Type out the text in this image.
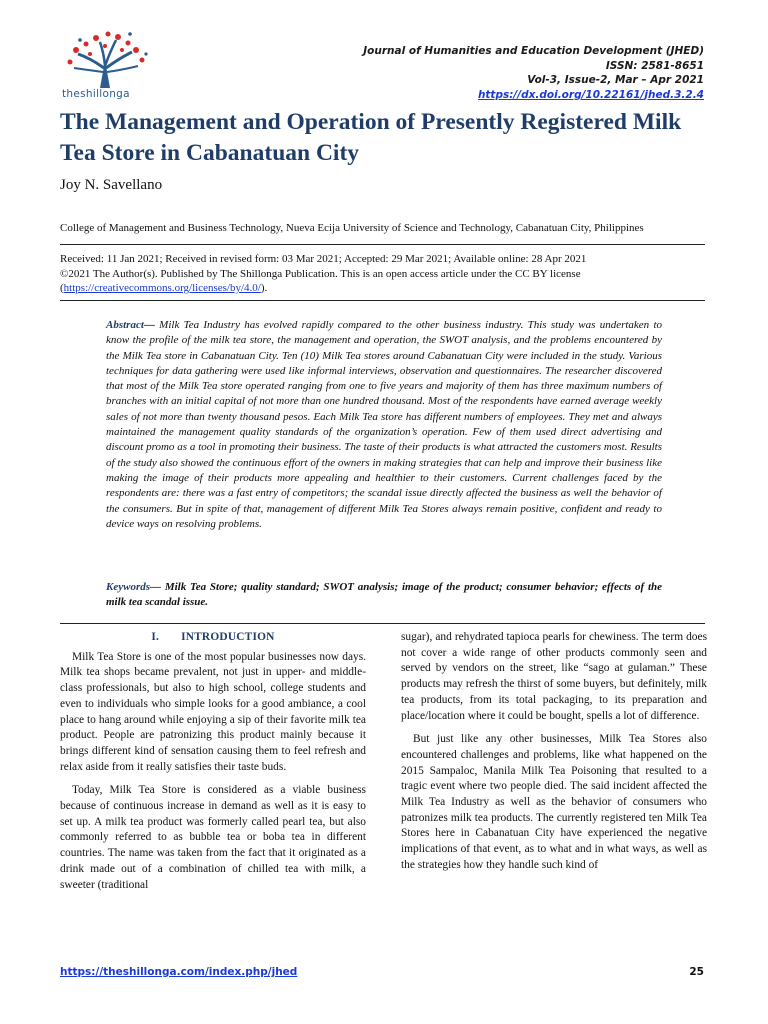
theshillonga
Journal of Humanities and Education Development (JHED)
ISSN: 2581-8651
Vol-3, Issue-2, Mar – Apr 2021
https://dx.doi.org/10.22161/jhed.3.2.4
The Management and Operation of Presently Registered Milk Tea Store in Cabanatuan City
Joy N. Savellano
College of Management and Business Technology, Nueva Ecija University of Science and Technology, Cabanatuan City, Philippines
Received: 11 Jan 2021; Received in revised form: 03 Mar 2021; Accepted: 29 Mar 2021; Available online: 28 Apr 2021
©2021 The Author(s). Published by The Shillonga Publication. This is an open access article under the CC BY license
(https://creativecommons.org/licenses/by/4.0/).
Abstract— Milk Tea Industry has evolved rapidly compared to the other business industry. This study was undertaken to know the profile of the milk tea store, the management and operation, the SWOT analysis, and the problems encountered by the Milk Tea store in Cabanatuan City. Ten (10) Milk Tea stores around Cabanatuan City were included in the study. Various techniques for data gathering were used like informal interviews, observation and questionnaires. The researcher discovered that most of the Milk Tea store operated ranging from one to five years and majority of them has three maximum numbers of branches with an initial capital of not more than one hundred thousand. Most of the respondents have earned average weekly sales of not more than twenty thousand pesos. Each Milk Tea store has different numbers of employees. They met and always maintained the management quality standards of the organization’s operation. Few of them used direct advertising and discount promo as a tool in promoting their business. The taste of their products is what attracted the customers most. Results of the study also showed the continuous effort of the owners in making strategies that can help and improve their business like making the image of their products more appealing and healthier to their customers. Current challenges faced by the respondents are: there was a fast entry of competitors; the scandal issue directly affected the business as well the behavior of the consumers. But in spite of that, management of different Milk Tea Stores always remain positive, confident and ready to device ways on resolving problems.
Keywords— Milk Tea Store; quality standard; SWOT analysis; image of the product; consumer behavior; effects of the milk tea scandal issue.
I. INTRODUCTION

Milk Tea Store is one of the most popular businesses now days. Milk tea shops became prevalent, not just in upper- and middle-class professionals, but also to high school, college students and even to individuals who simple looks for a good ambiance, a cool place to hang around while enjoying a sip of their favorite milk tea product. People are patronizing this product mainly because it brings different kind of sensation causing them to feel refresh and relax aside from it really satisfies their taste buds.

Today, Milk Tea Store is considered as a viable business because of continuous increase in demand as well as it is easy to set up. A milk tea product was formerly called pearl tea, but also commonly referred to as bubble tea or boba tea in different countries. The name was taken from the fact that it originated as a drink made out of a combination of chilled tea with milk, a sweeter (traditional

sugar), and rehydrated tapioca pearls for chewiness. The term does not cover a wide range of other products commonly seen and served by vendors on the street, like “sago at gulaman.” These products may refresh the thirst of some buyers, but definitely, milk tea products, from its total packaging, to its preparation and place/location where it could be bought, spells a lot of difference.

But just like any other businesses, Milk Tea Stores also encountered challenges and problems, like what happened on the 2015 Sampaloc, Manila Milk Tea Poisoning that resulted to a tragic event where two people died. The said incident affected the Milk Tea Industry as well as the behavior of consumers who patronizes milk tea products. The currently registered ten Milk Tea Stores here in Cabanatuan City have experienced the negative implications of that event, as to what and in what ways, as well as the strategies how they handle such kind of

https://theshillonga.com/index.php/jhed	25
